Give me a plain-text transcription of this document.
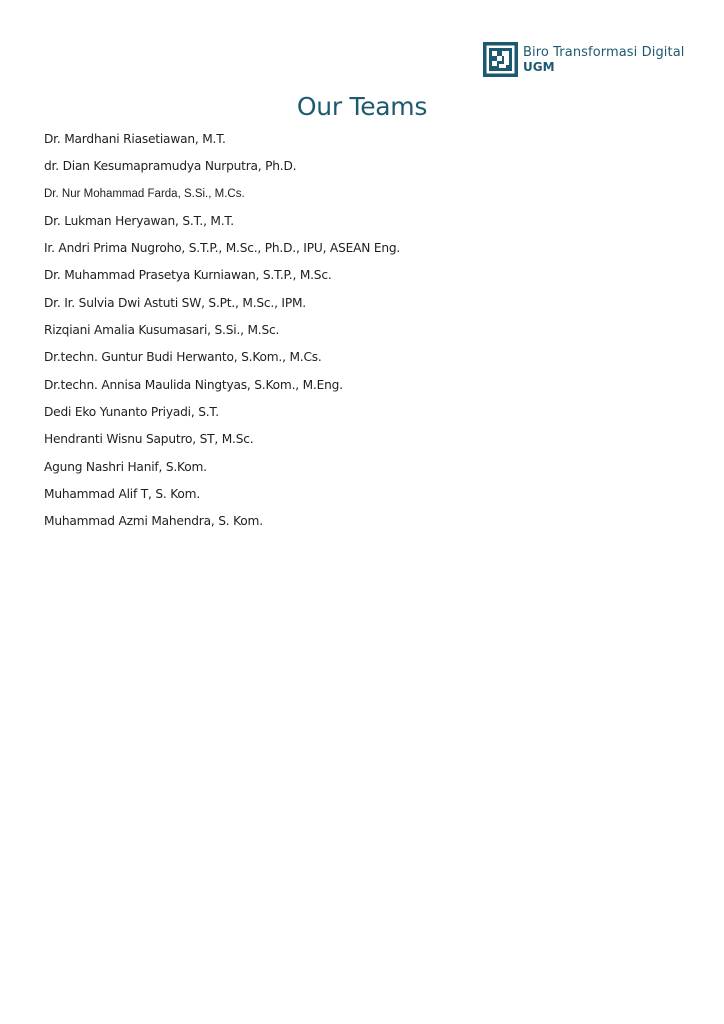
Biro Transformasi Digital
UGM
Our Teams
Dr. Mardhani Riasetiawan, M.T.
dr. Dian Kesumapramudya Nurputra, Ph.D.
Dr. Nur Mohammad Farda, S.Si., M.Cs.
Dr. Lukman Heryawan, S.T., M.T.
Ir. Andri Prima Nugroho, S.T.P., M.Sc., Ph.D., IPU, ASEAN Eng.
Dr. Muhammad Prasetya Kurniawan, S.T.P., M.Sc.
Dr. Ir. Sulvia Dwi Astuti SW, S.Pt., M.Sc., IPM.
Rizqiani Amalia Kusumasari, S.Si., M.Sc.
Dr.techn. Guntur Budi Herwanto, S.Kom., M.Cs.
Dr.techn. Annisa Maulida Ningtyas, S.Kom., M.Eng.
Dedi Eko Yunanto Priyadi, S.T.
Hendranti Wisnu Saputro, ST, M.Sc.
Agung Nashri Hanif, S.Kom.
Muhammad Alif T, S. Kom.
Muhammad Azmi Mahendra, S. Kom.
